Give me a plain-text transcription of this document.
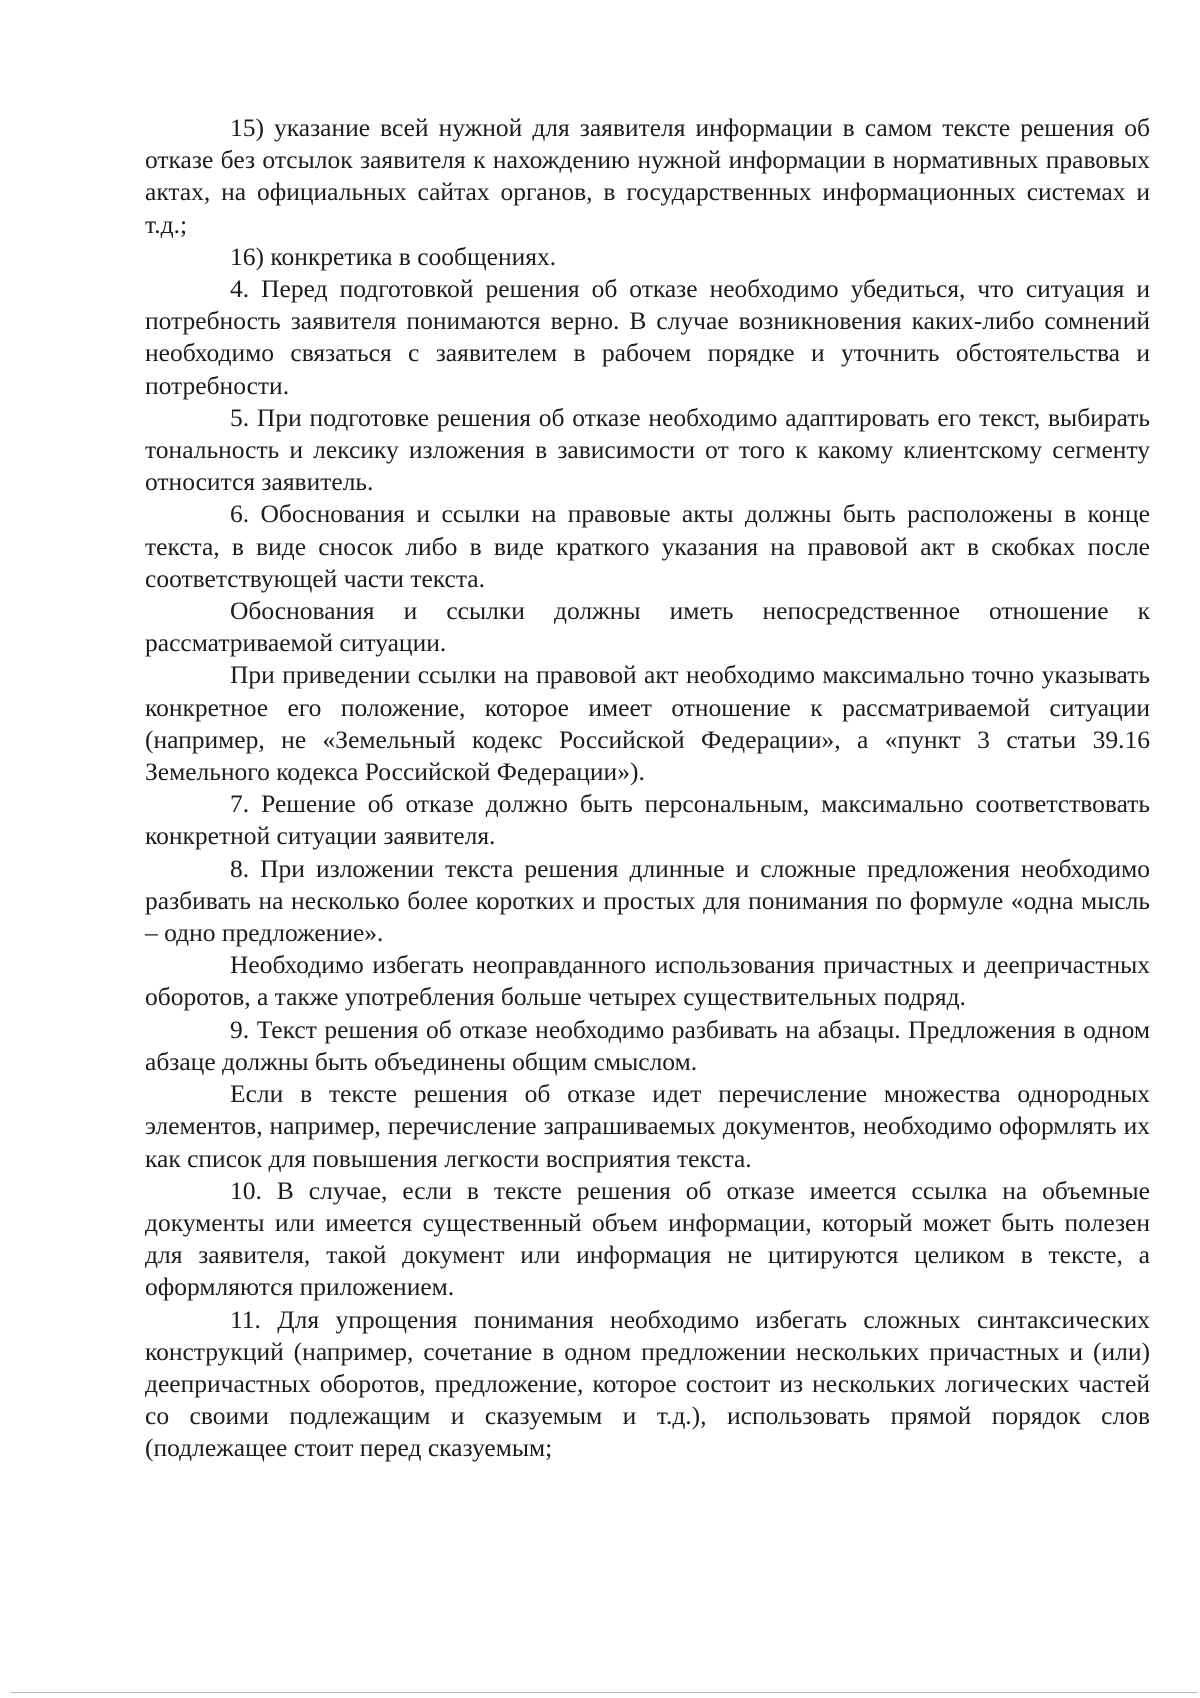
15) указание всей нужной для заявителя информации в самом тексте решения об отказе без отсылок заявителя к нахождению нужной информации в нормативных правовых актах, на официальных сайтах органов, в государственных информационных системах и т.д.;

16) конкретика в сообщениях.

4. Перед подготовкой решения об отказе необходимо убедиться, что ситуация и потребность заявителя понимаются верно. В случае возникновения каких-либо сомнений необходимо связаться с заявителем в рабочем порядке и уточнить обстоятельства и потребности.

5. При подготовке решения об отказе необходимо адаптировать его текст, выбирать тональность и лексику изложения в зависимости от того к какому клиентскому сегменту относится заявитель.

6. Обоснования и ссылки на правовые акты должны быть расположены в конце текста, в виде сносок либо в виде краткого указания на правовой акт в скобках после соответствующей части текста.

Обоснования и ссылки должны иметь непосредственное отношение к рассматриваемой ситуации.

При приведении ссылки на правовой акт необходимо максимально точно указывать конкретное его положение, которое имеет отношение к рассматриваемой ситуации (например, не «Земельный кодекс Российской Федерации», а «пункт 3 статьи 39.16 Земельного кодекса Российской Федерации»).

7. Решение об отказе должно быть персональным, максимально соответствовать конкретной ситуации заявителя.

8. При изложении текста решения длинные и сложные предложения необходимо разбивать на несколько более коротких и простых для понимания по формуле «одна мысль – одно предложение».

Необходимо избегать неоправданного использования причастных и деепричастных оборотов, а также употребления больше четырех существительных подряд.

9. Текст решения об отказе необходимо разбивать на абзацы. Предложения в одном абзаце должны быть объединены общим смыслом.

Если в тексте решения об отказе идет перечисление множества однородных элементов, например, перечисление запрашиваемых документов, необходимо оформлять их как список для повышения легкости восприятия текста.

10. В случае, если в тексте решения об отказе имеется ссылка на объемные документы или имеется существенный объем информации, который может быть полезен для заявителя, такой документ или информация не цитируются целиком в тексте, а оформляются приложением.

11. Для упрощения понимания необходимо избегать сложных синтаксических конструкций (например, сочетание в одном предложении нескольких причастных и (или) деепричастных оборотов, предложение, которое состоит из нескольких логических частей со своими подлежащим и сказуемым и т.д.), использовать прямой порядок слов (подлежащее стоит перед сказуемым;
